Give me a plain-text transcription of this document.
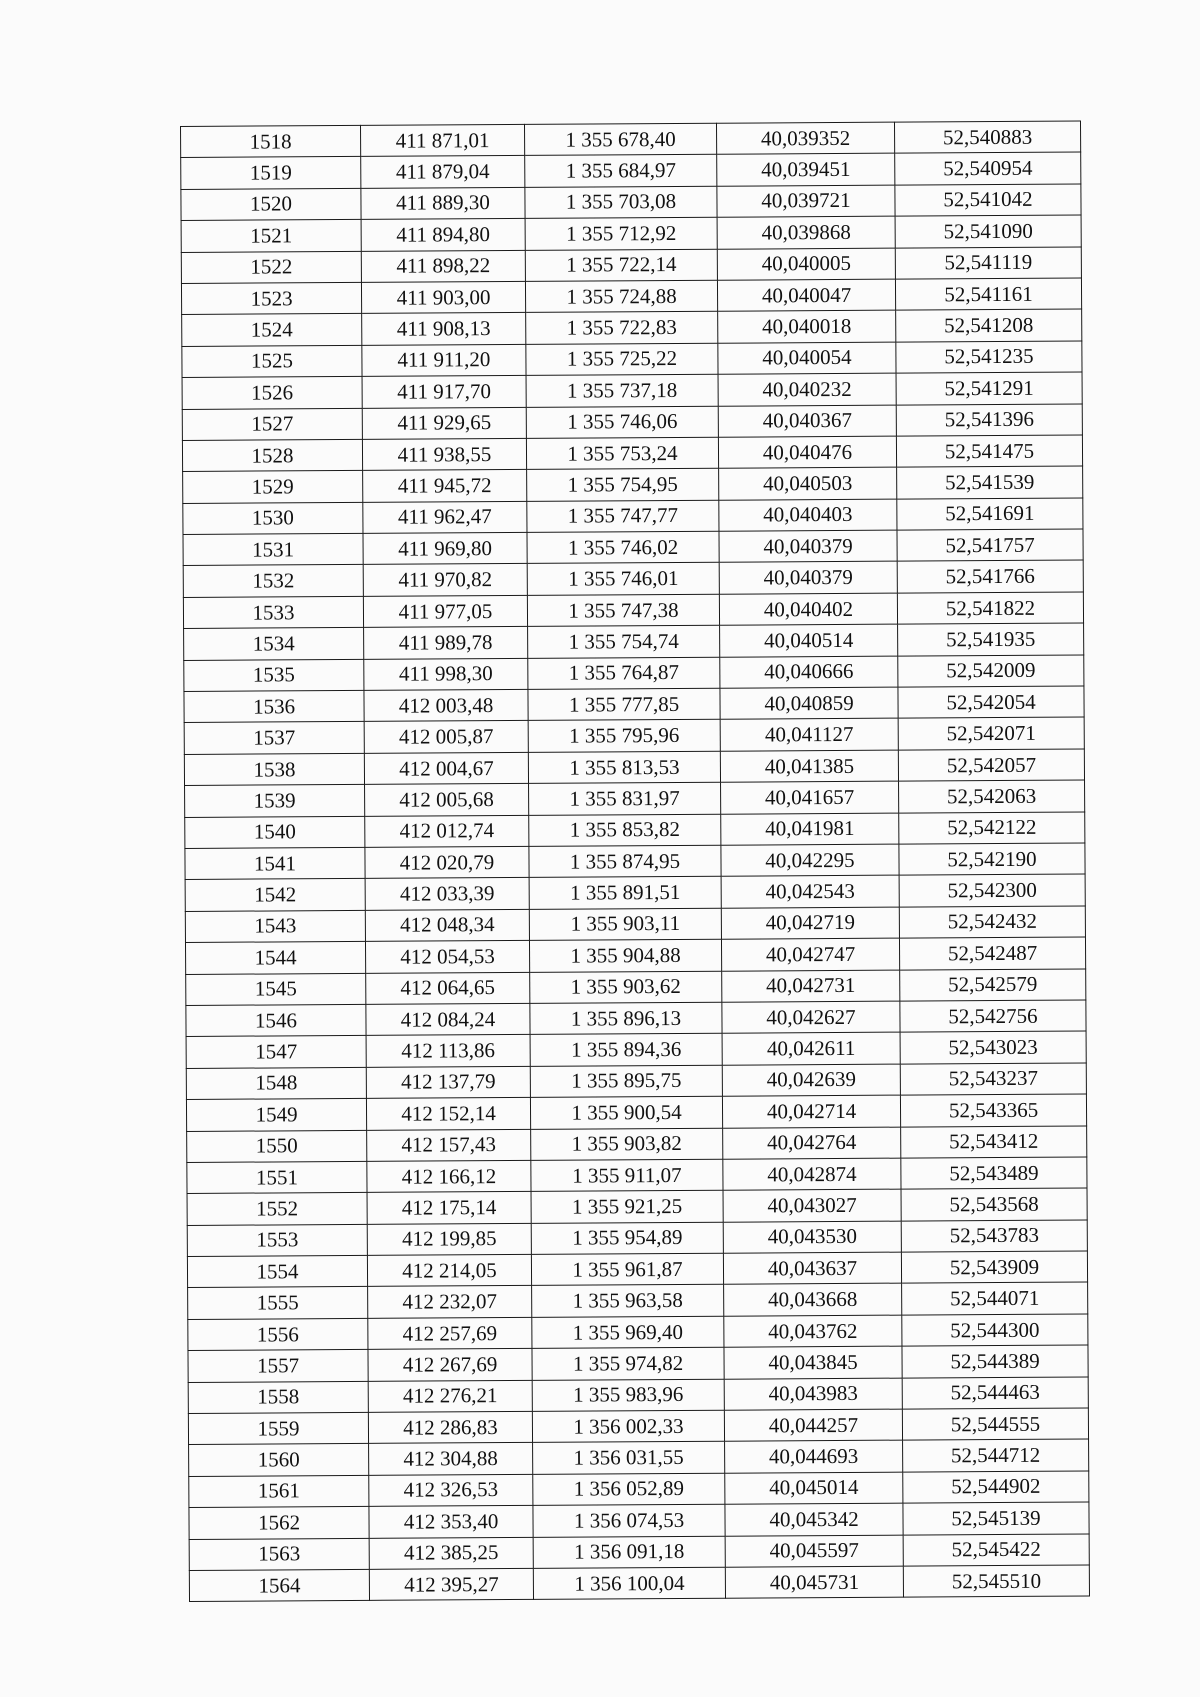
1518	411 871,01	1 355 678,40	40,039352	52,540883
1519	411 879,04	1 355 684,97	40,039451	52,540954
1520	411 889,30	1 355 703,08	40,039721	52,541042
1521	411 894,80	1 355 712,92	40,039868	52,541090
1522	411 898,22	1 355 722,14	40,040005	52,541119
1523	411 903,00	1 355 724,88	40,040047	52,541161
1524	411 908,13	1 355 722,83	40,040018	52,541208
1525	411 911,20	1 355 725,22	40,040054	52,541235
1526	411 917,70	1 355 737,18	40,040232	52,541291
1527	411 929,65	1 355 746,06	40,040367	52,541396
1528	411 938,55	1 355 753,24	40,040476	52,541475
1529	411 945,72	1 355 754,95	40,040503	52,541539
1530	411 962,47	1 355 747,77	40,040403	52,541691
1531	411 969,80	1 355 746,02	40,040379	52,541757
1532	411 970,82	1 355 746,01	40,040379	52,541766
1533	411 977,05	1 355 747,38	40,040402	52,541822
1534	411 989,78	1 355 754,74	40,040514	52,541935
1535	411 998,30	1 355 764,87	40,040666	52,542009
1536	412 003,48	1 355 777,85	40,040859	52,542054
1537	412 005,87	1 355 795,96	40,041127	52,542071
1538	412 004,67	1 355 813,53	40,041385	52,542057
1539	412 005,68	1 355 831,97	40,041657	52,542063
1540	412 012,74	1 355 853,82	40,041981	52,542122
1541	412 020,79	1 355 874,95	40,042295	52,542190
1542	412 033,39	1 355 891,51	40,042543	52,542300
1543	412 048,34	1 355 903,11	40,042719	52,542432
1544	412 054,53	1 355 904,88	40,042747	52,542487
1545	412 064,65	1 355 903,62	40,042731	52,542579
1546	412 084,24	1 355 896,13	40,042627	52,542756
1547	412 113,86	1 355 894,36	40,042611	52,543023
1548	412 137,79	1 355 895,75	40,042639	52,543237
1549	412 152,14	1 355 900,54	40,042714	52,543365
1550	412 157,43	1 355 903,82	40,042764	52,543412
1551	412 166,12	1 355 911,07	40,042874	52,543489
1552	412 175,14	1 355 921,25	40,043027	52,543568
1553	412 199,85	1 355 954,89	40,043530	52,543783
1554	412 214,05	1 355 961,87	40,043637	52,543909
1555	412 232,07	1 355 963,58	40,043668	52,544071
1556	412 257,69	1 355 969,40	40,043762	52,544300
1557	412 267,69	1 355 974,82	40,043845	52,544389
1558	412 276,21	1 355 983,96	40,043983	52,544463
1559	412 286,83	1 356 002,33	40,044257	52,544555
1560	412 304,88	1 356 031,55	40,044693	52,544712
1561	412 326,53	1 356 052,89	40,045014	52,544902
1562	412 353,40	1 356 074,53	40,045342	52,545139
1563	412 385,25	1 356 091,18	40,045597	52,545422
1564	412 395,27	1 356 100,04	40,045731	52,545510
